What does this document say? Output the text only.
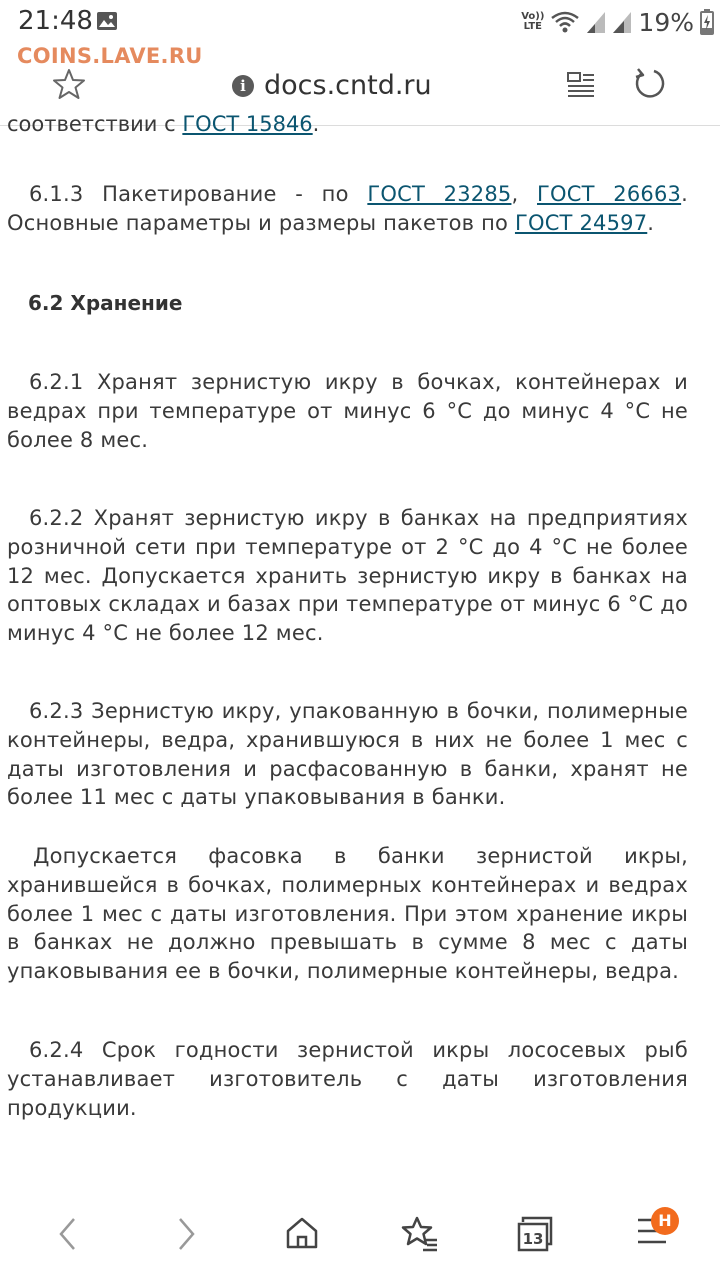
21:48	Vo))
LTE	19%
i docs.cntd.ru
COINS.LAVE.RU
соответствии с ГОСТ 15846.

6.1.3 Пакетирование - по ГОСТ 23285, ГОСТ 26663. Основные параметры и размеры пакетов по ГОСТ 24597.

6.2 Хранение

6.2.1 Хранят зернистую икру в бочках, контейнерах и ведрах при температуре от минус 6 °С до минус 4 °С не более 8 мес.

6.2.2 Хранят зернистую икру в банках на предприятиях розничной сети при температуре от 2 °С до 4 °С не более 12 мес. Допускается хранить зернистую икру в банках на оптовых складах и базах при температуре от минус 6 °С до минус 4 °С не более 12 мес.

6.2.3 Зернистую икру, упакованную в бочки, полимерные контейнеры, ведра, хранившуюся в них не более 1 мес с даты изготовления и расфасованную в банки, хранят не более 11 мес с даты упаковывания в банки.

Допускается фасовка в банки зернистой икры, хранившейся в бочках, полимерных контейнерах и ведрах более 1 мес с даты изготовления. При этом хранение икры в банках не должно превышать в сумме 8 мес с даты упаковывания ее в бочки, полимерные контейнеры, ведра.

6.2.4 Срок годности зернистой икры лососевых рыб устанавливает изготовитель с даты изготовления продукции.

13
H
